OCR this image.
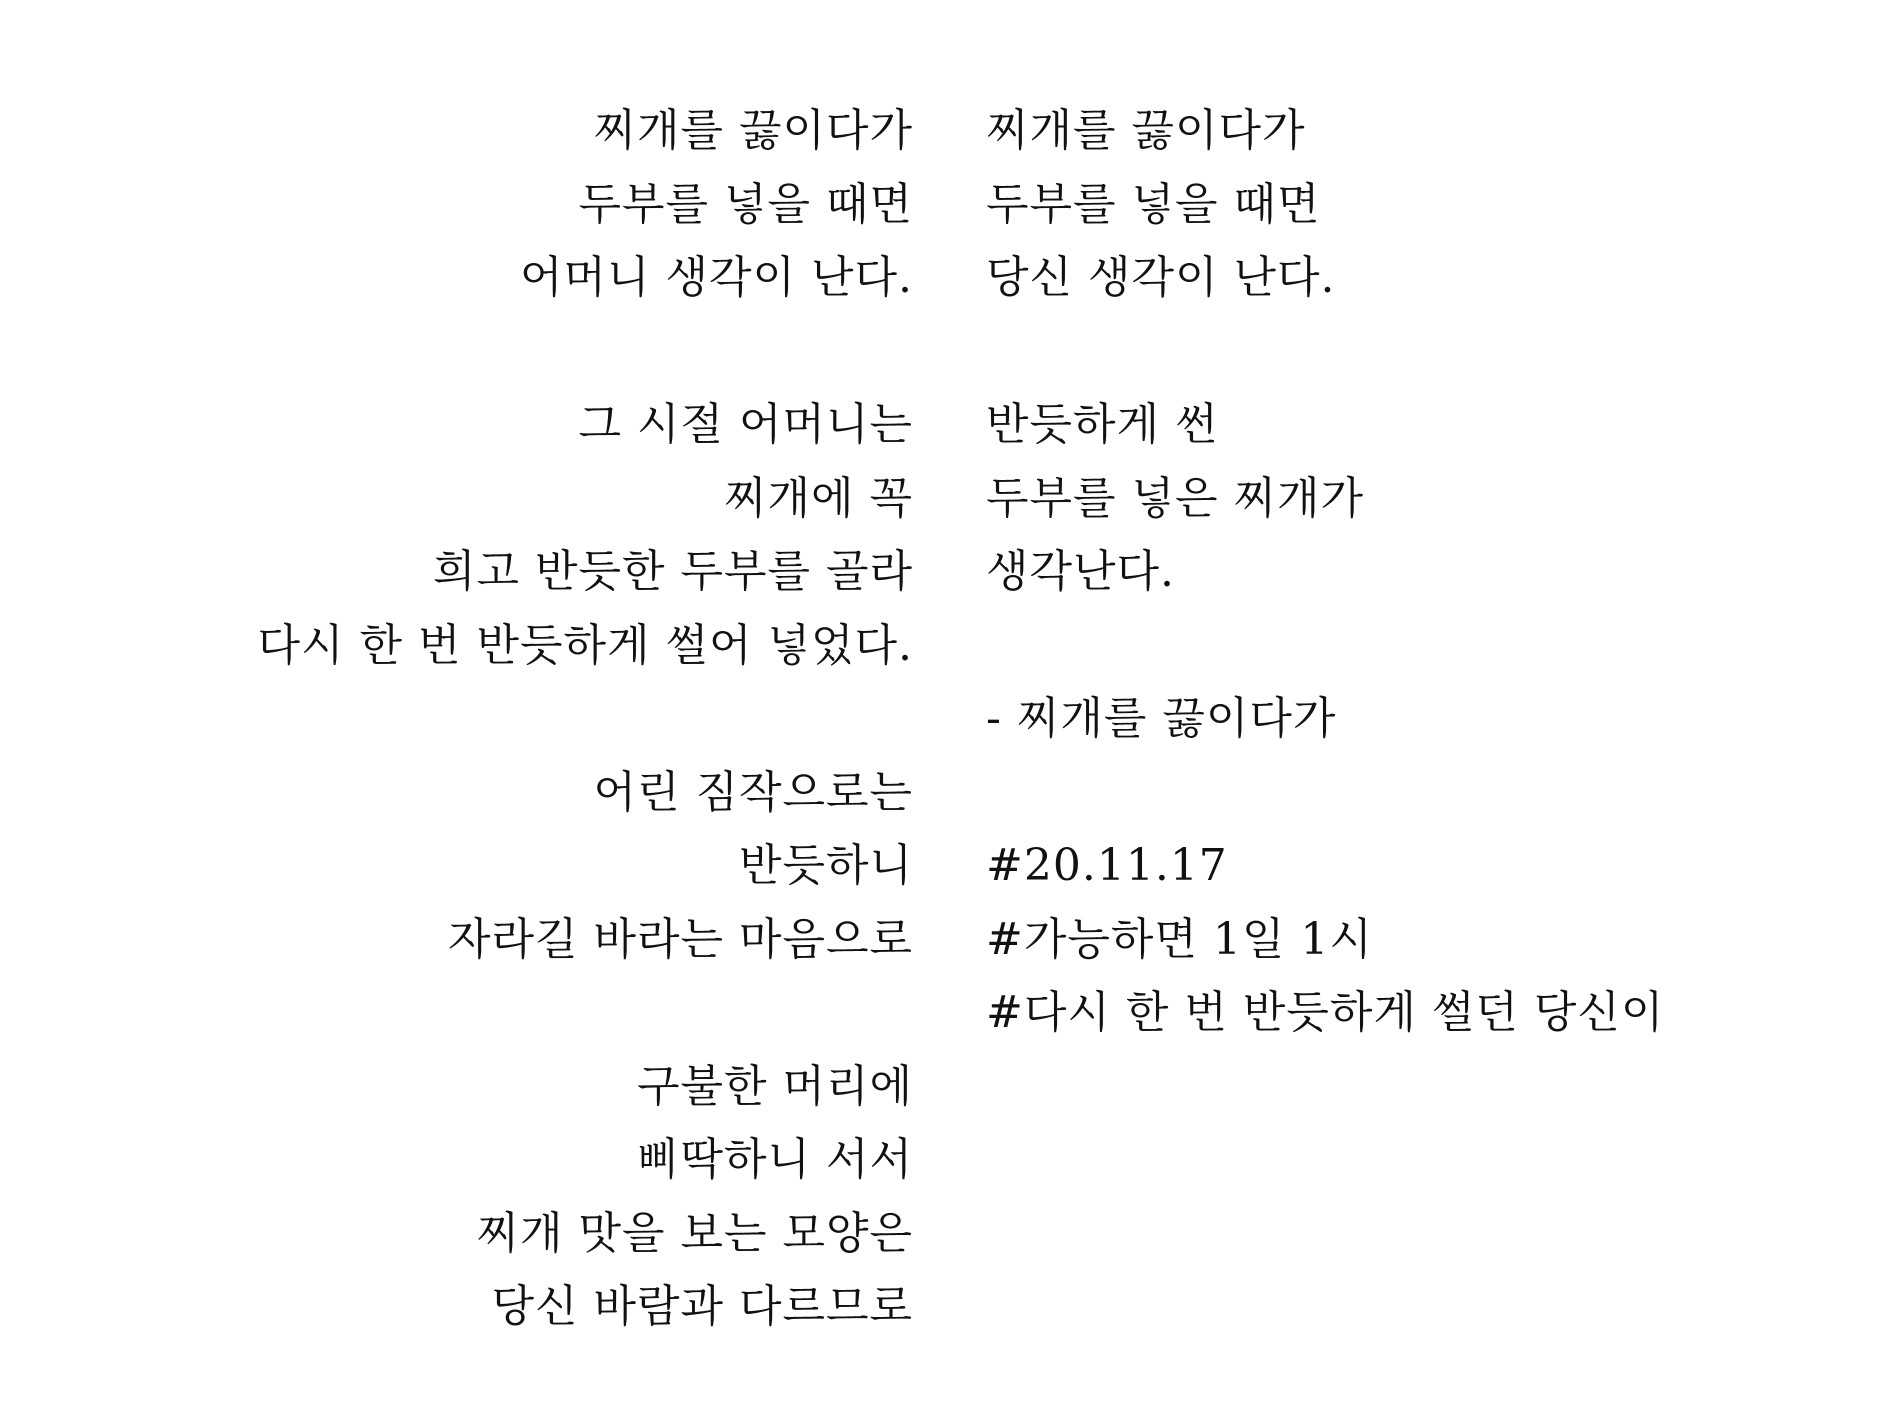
찌개를 끓이다가
두부를 넣을 때면
어머니 생각이 난다.
그 시절 어머니는
찌개에 꼭
희고 반듯한 두부를 골라
다시 한 번 반듯하게 썰어 넣었다.
어린 짐작으로는
반듯하니
자라길 바라는 마음으로
구불한 머리에
삐딱하니 서서
찌개 맛을 보는 모양은
당신 바람과 다르므로
찌개를 끓이다가
두부를 넣을 때면
당신 생각이 난다.
반듯하게 썬
두부를 넣은 찌개가
생각난다.
- 찌개를 끓이다가
#20.11.17
#가능하면 1일 1시
#다시 한 번 반듯하게 썰던 당신이
